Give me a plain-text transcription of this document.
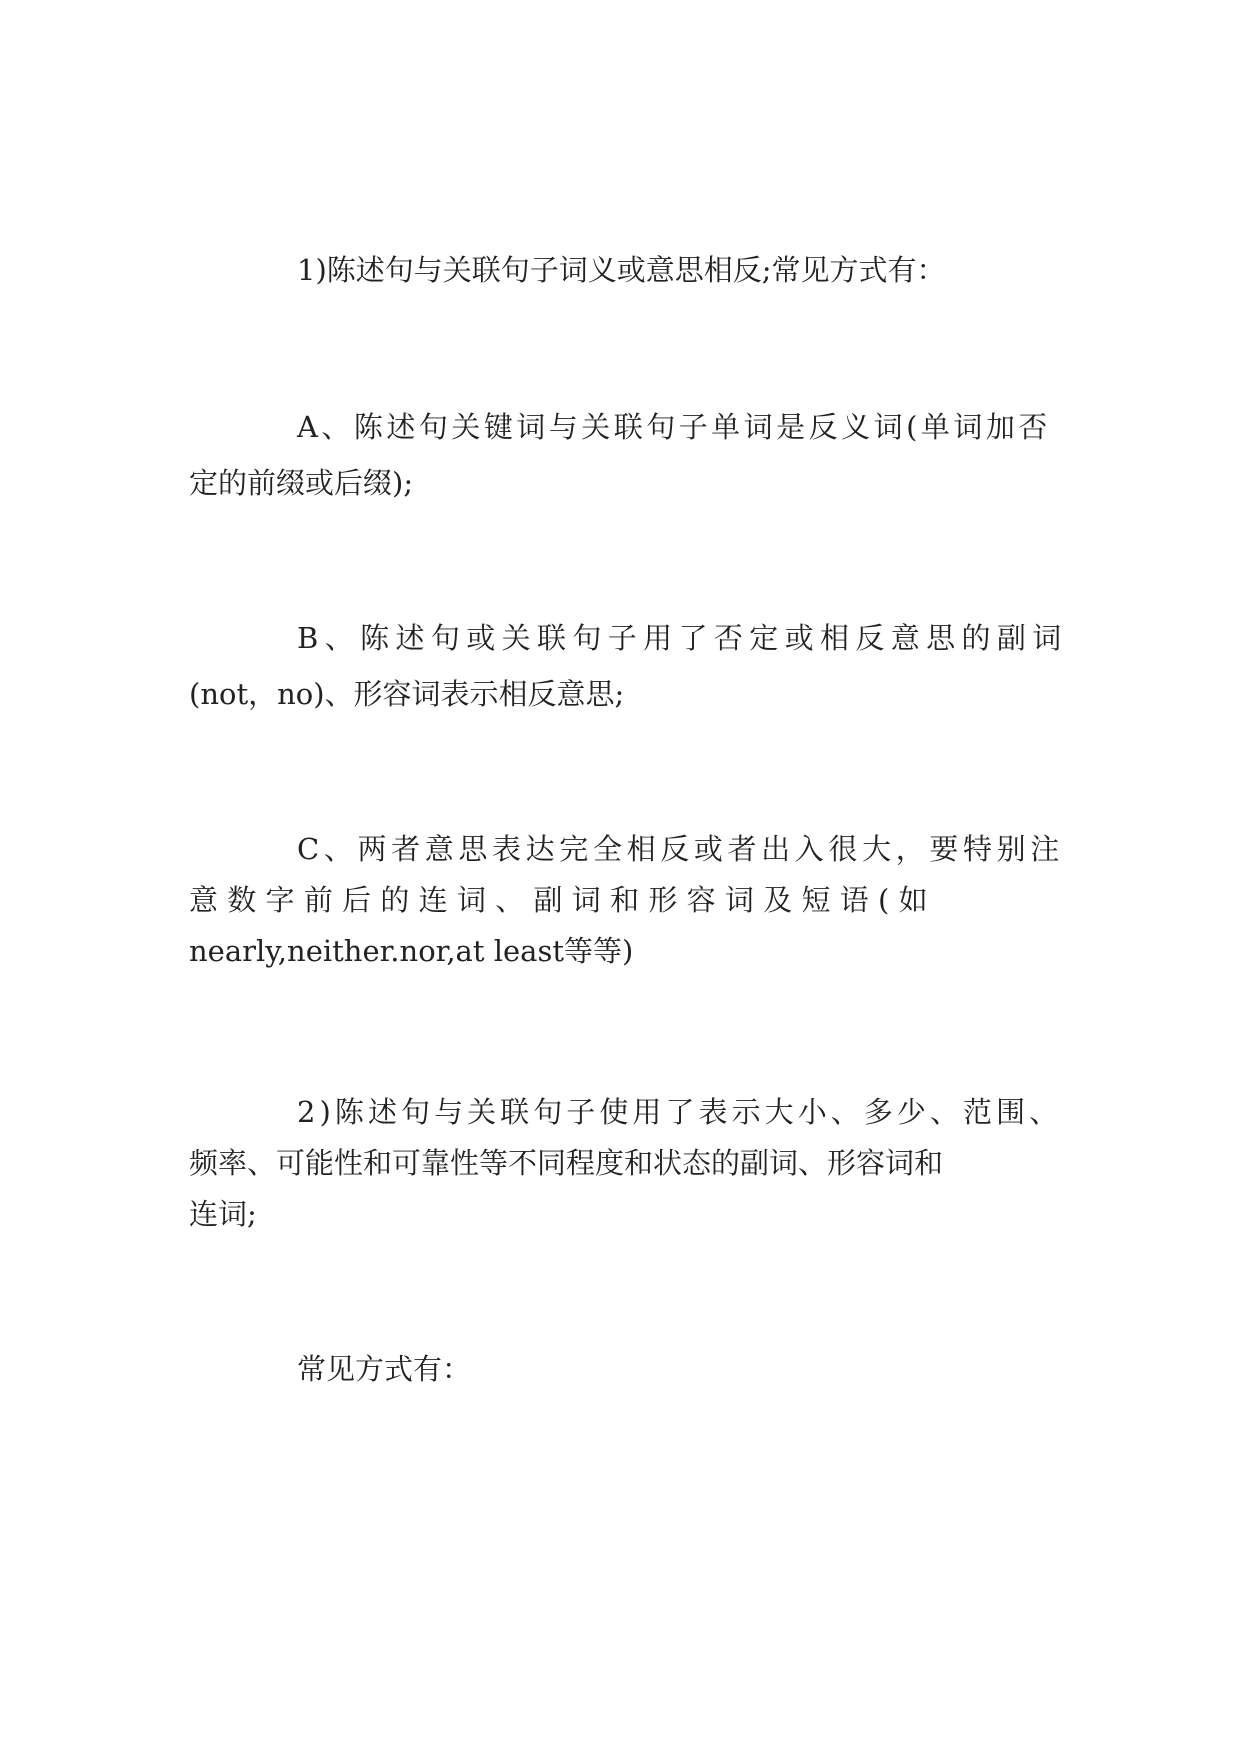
1)陈述句与关联句子词义或意思相反;常见方式有：
A、陈述句关键词与关联句子单词是反义词(单词加否
定的前缀或后缀);
B、陈述句或关联句子用了否定或相反意思的副词
(not，no)、形容词表示相反意思;
C、两者意思表达完全相反或者出入很大，要特别注
意数字前后的连词、副词和形容词及短语(如
nearly,neither.nor,at least等等)
2)陈述句与关联句子使用了表示大小、多少、范围、
频率、可能性和可靠性等不同程度和状态的副词、形容词和
连词;
常见方式有：
